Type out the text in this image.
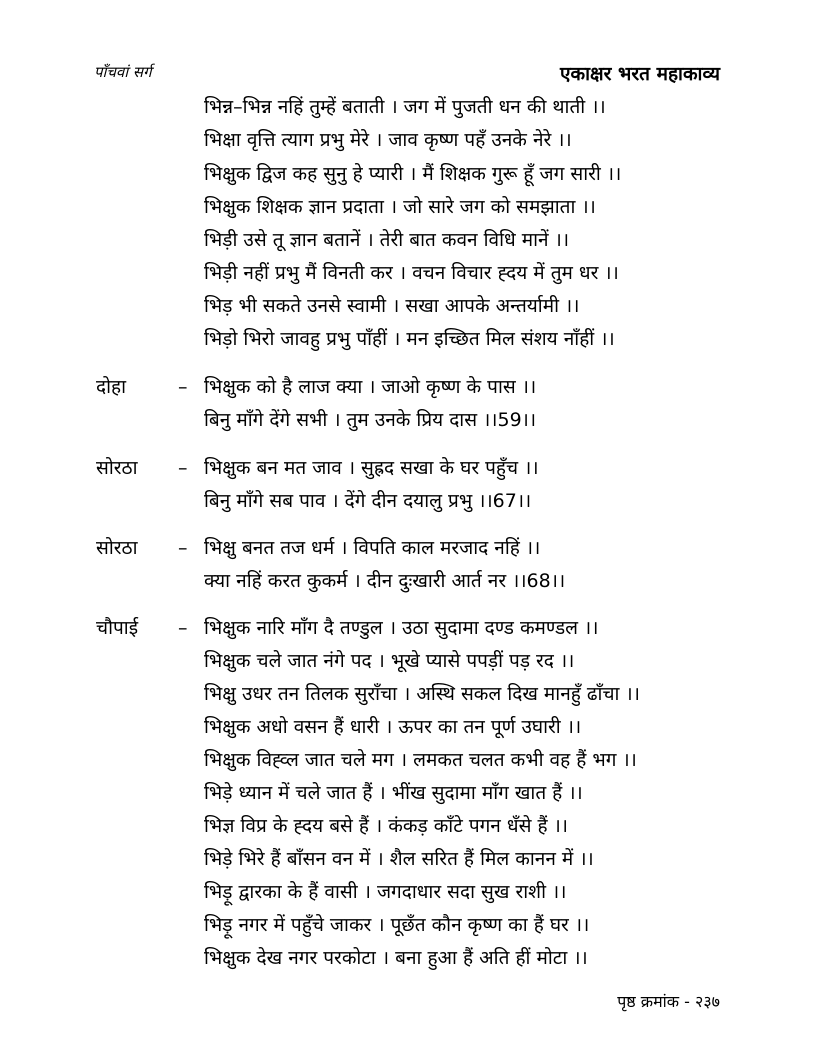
पाँचवां सर्ग	एकाक्षर भरत महाकाव्य
भिन्न–भिन्न नहिं तुम्हें बताती । जग में पुजती धन की थाती ।।
भिक्षा वृत्ति त्याग प्रभु मेरे । जाव कृष्ण पहँ उनके नेरे ।।
भिक्षुक द्विज कह सुनु हे प्यारी । मैं शिक्षक गुरू हूँ जग सारी ।।
भिक्षुक शिक्षक ज्ञान प्रदाता । जो सारे जग को समझाता ।।
भिड़ी उसे तू ज्ञान बतानें । तेरी बात कवन विधि मानें ।।
भिड़ी नहीं प्रभु मैं विनती कर । वचन विचार ह्दय में तुम धर ।।
भिड़ भी सकते उनसे स्वामी । सखा आपके अन्तर्यामी ।।
भिड़ो भिरो जावहु प्रभु पाँहीं । मन इच्छित मिल संशय नाँहीं ।।
दोहा	– भिक्षुक को है लाज क्या । जाओ कृष्ण के पास ।।
बिनु माँगे देंगे सभी । तुम उनके प्रिय दास ।।59।।
सोरठा – भिक्षुक बन मत जाव । सुह्रद सखा के घर पहुँच ।।
बिनु माँगे सब पाव । देंगे दीन दयालु प्रभु ।।67।।
सोरठा – भिक्षु बनत तज धर्म । विपति काल मरजाद नहिं ।।
क्या नहिं करत कुकर्म । दीन दुःखारी आर्त नर ।।68।।
चौपाई – भिक्षुक नारि माँग दै तण्डुल । उठा सुदामा दण्ड कमण्डल ।।
भिक्षुक चले जात नंगे पद । भूखे प्यासे पपड़ीं पड़ रद ।।
भिक्षु उधर तन तिलक सुराँचा । अस्थि सकल दिख मानहुँ ढाँचा ।।
भिक्षुक अधो वसन हैं धारी । ऊपर का तन पूर्ण उघारी ।।
भिक्षुक विह्व्ल जात चले मग । लमकत चलत कभी वह हैं भग ।।
भिड़े ध्यान में चले जात हैं । भींख सुदामा माँग खात हैं ।।
भिज्ञ विप्र के ह्दय बसे हैं । कंकड़ काँटे पगन धँसे हैं ।।
भिड़े भिरे हैं बाँसन वन में । शैल सरित हैं मिल कानन में ।।
भिड़ू द्वारका के हैं वासी । जगदाधार सदा सुख राशी ।।
भिड़ू नगर में पहुँचे जाकर । पूछँत कौन कृष्ण का हैं घर ।।
भिक्षुक देख नगर परकोटा । बना हुआ हैं अति हीं मोटा ।।
पृष्ठ क्रमांक - २३७
